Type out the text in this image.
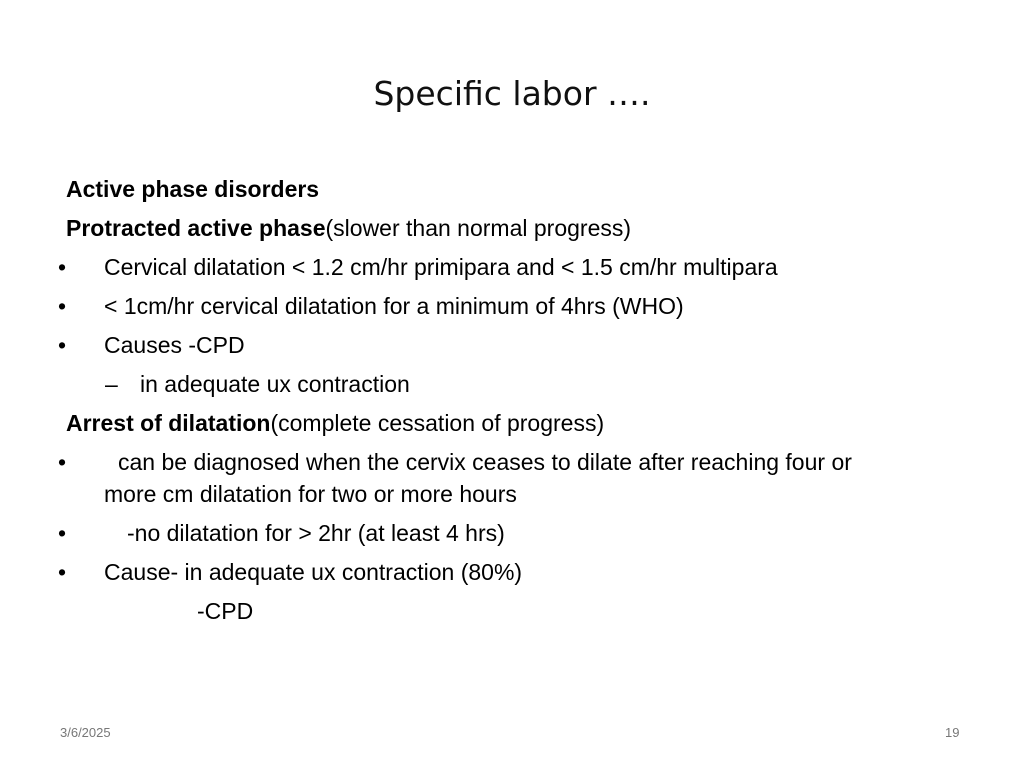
Specific labor ….
Active phase disorders
Protracted active phase(slower than normal progress)
• Cervical dilatation < 1.2 cm/hr primipara and < 1.5 cm/hr multipara
• < 1cm/hr cervical dilatation for a minimum of 4hrs (WHO)
• Causes -CPD
– in adequate ux contraction
Arrest of dilatation(complete cessation of progress)
• can be diagnosed when the cervix ceases to dilate after reaching four or
more cm dilatation for two or more hours
•	-no dilatation for > 2hr (at least 4 hrs)
• Cause- in adequate ux contraction (80%)
-CPD
3/6/2025	19
